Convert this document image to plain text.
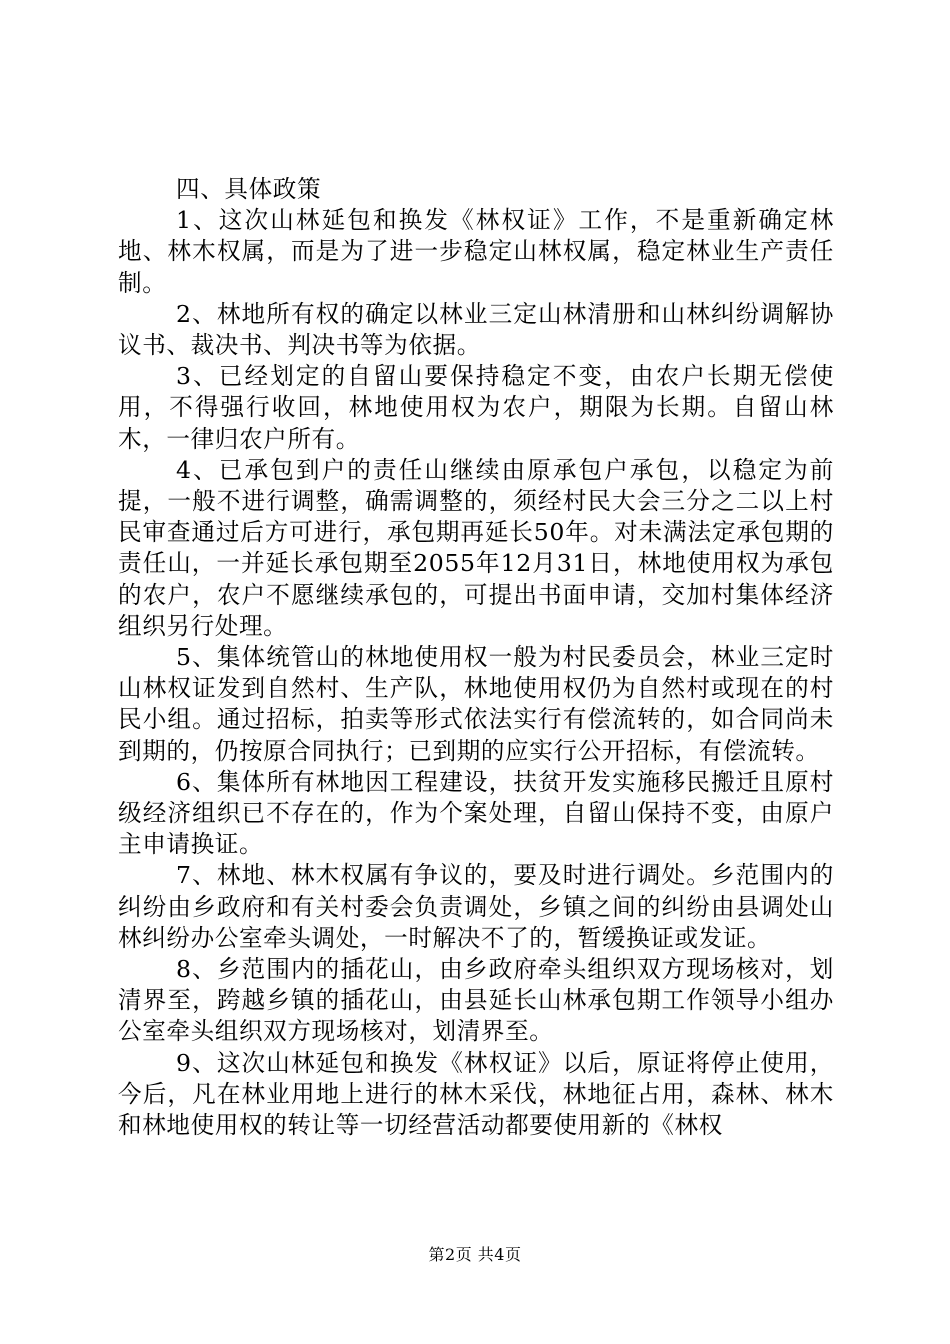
四、具体政策

1、这次山林延包和换发《林权证》工作，不是重新确定林地、林木权属，而是为了进一步稳定山林权属，稳定林业生产责任制。

2、林地所有权的确定以林业三定山林清册和山林纠纷调解协议书、裁决书、判决书等为依据。

3、已经划定的自留山要保持稳定不变，由农户长期无偿使用，不得强行收回，林地使用权为农户，期限为长期。自留山林木，一律归农户所有。

4、已承包到户的责任山继续由原承包户承包，以稳定为前提，一般不进行调整，确需调整的，须经村民大会三分之二以上村民审查通过后方可进行，承包期再延长50年。对未满法定承包期的责任山，一并延长承包期至2055年12月31日，林地使用权为承包的农户，农户不愿继续承包的，可提出书面申请，交加村集体经济组织另行处理。

5、集体统管山的林地使用权一般为村民委员会，林业三定时山林权证发到自然村、生产队，林地使用权仍为自然村或现在的村民小组。通过招标，拍卖等形式依法实行有偿流转的，如合同尚未到期的，仍按原合同执行；已到期的应实行公开招标，有偿流转。

6、集体所有林地因工程建设，扶贫开发实施移民搬迁且原村级经济组织已不存在的，作为个案处理，自留山保持不变，由原户主申请换证。

7、林地、林木权属有争议的，要及时进行调处。乡范围内的纠纷由乡政府和有关村委会负责调处，乡镇之间的纠纷由县调处山林纠纷办公室牵头调处，一时解决不了的，暂缓换证或发证。

8、乡范围内的插花山，由乡政府牵头组织双方现场核对，划清界至，跨越乡镇的插花山，由县延长山林承包期工作领导小组办公室牵头组织双方现场核对，划清界至。

9、这次山林延包和换发《林权证》以后，原证将停止使用，今后，凡在林业用地上进行的林木采伐，林地征占用，森林、林木和林地使用权的转让等一切经营活动都要使用新的《林权

第2页 共4页
